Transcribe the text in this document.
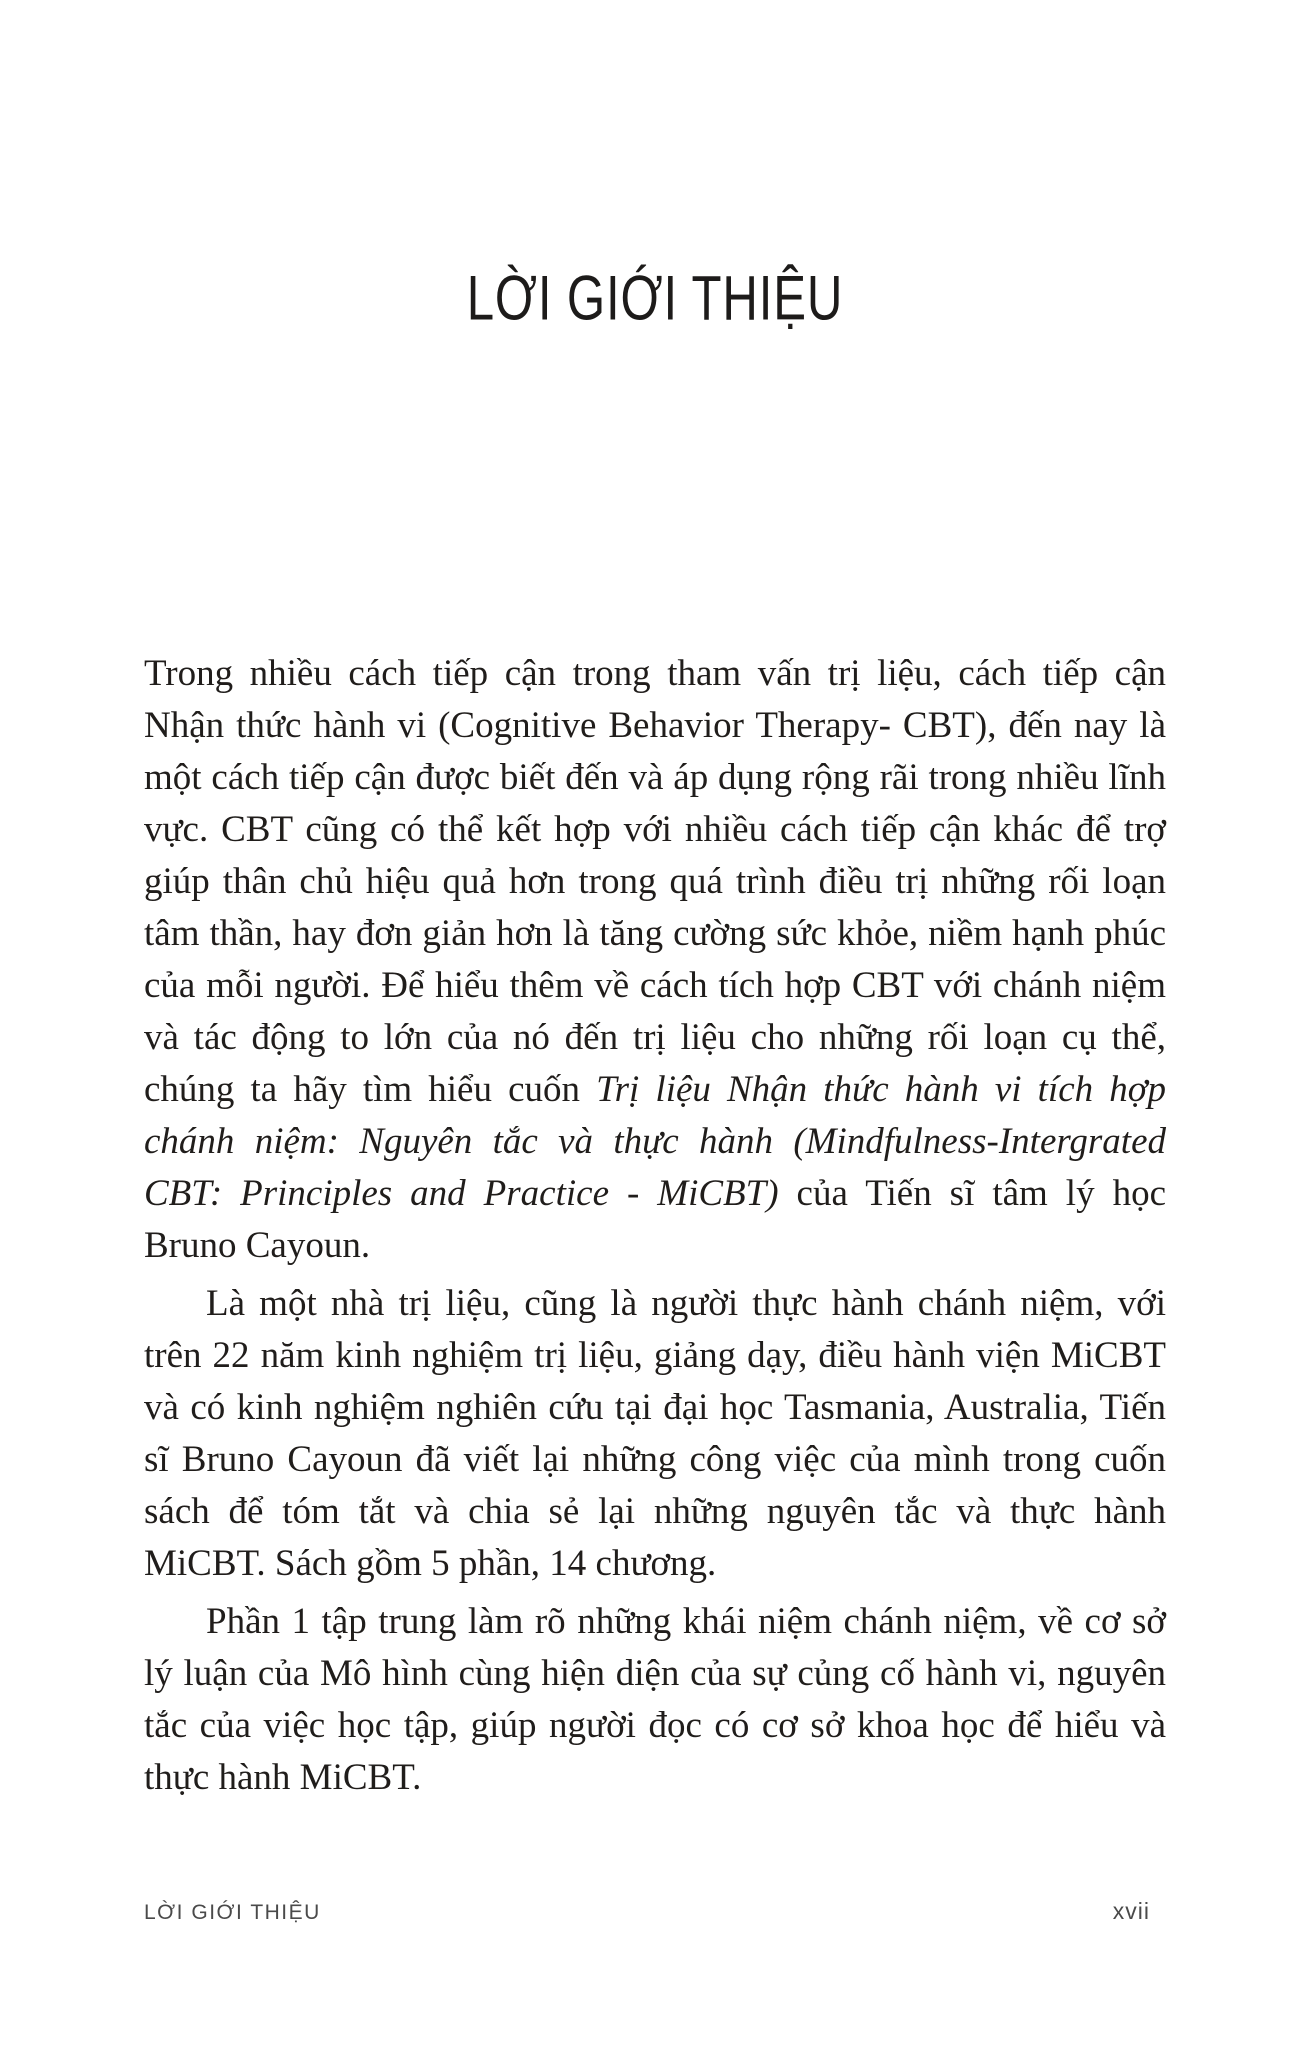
LỜI GIỚI THIỆU

Trong nhiều cách tiếp cận trong tham vấn trị liệu, cách tiếp cận Nhận thức hành vi (Cognitive Behavior Therapy- CBT), đến nay là một cách tiếp cận được biết đến và áp dụng rộng rãi trong nhiều lĩnh vực. CBT cũng có thể kết hợp với nhiều cách tiếp cận khác để trợ giúp thân chủ hiệu quả hơn trong quá trình điều trị những rối loạn tâm thần, hay đơn giản hơn là tăng cường sức khỏe, niềm hạnh phúc của mỗi người. Để hiểu thêm về cách tích hợp CBT với chánh niệm và tác động to lớn của nó đến trị liệu cho những rối loạn cụ thể, chúng ta hãy tìm hiểu cuốn Trị liệu Nhận thức hành vi tích hợp chánh niệm: Nguyên tắc và thực hành (Mindfulness-Intergrated CBT: Principles and Practice - MiCBT) của Tiến sĩ tâm lý học Bruno Cayoun.

Là một nhà trị liệu, cũng là người thực hành chánh niệm, với trên 22 năm kinh nghiệm trị liệu, giảng dạy, điều hành viện MiCBT và có kinh nghiệm nghiên cứu tại đại học Tasmania, Australia, Tiến sĩ Bruno Cayoun đã viết lại những công việc của mình trong cuốn sách để tóm tắt và chia sẻ lại những nguyên tắc và thực hành MiCBT. Sách gồm 5 phần, 14 chương.

Phần 1 tập trung làm rõ những khái niệm chánh niệm, về cơ sở lý luận của Mô hình cùng hiện diện của sự củng cố hành vi, nguyên tắc của việc học tập, giúp người đọc có cơ sở khoa học để hiểu và thực hành MiCBT.

LỜI GIỚI THIỆU	xvii
